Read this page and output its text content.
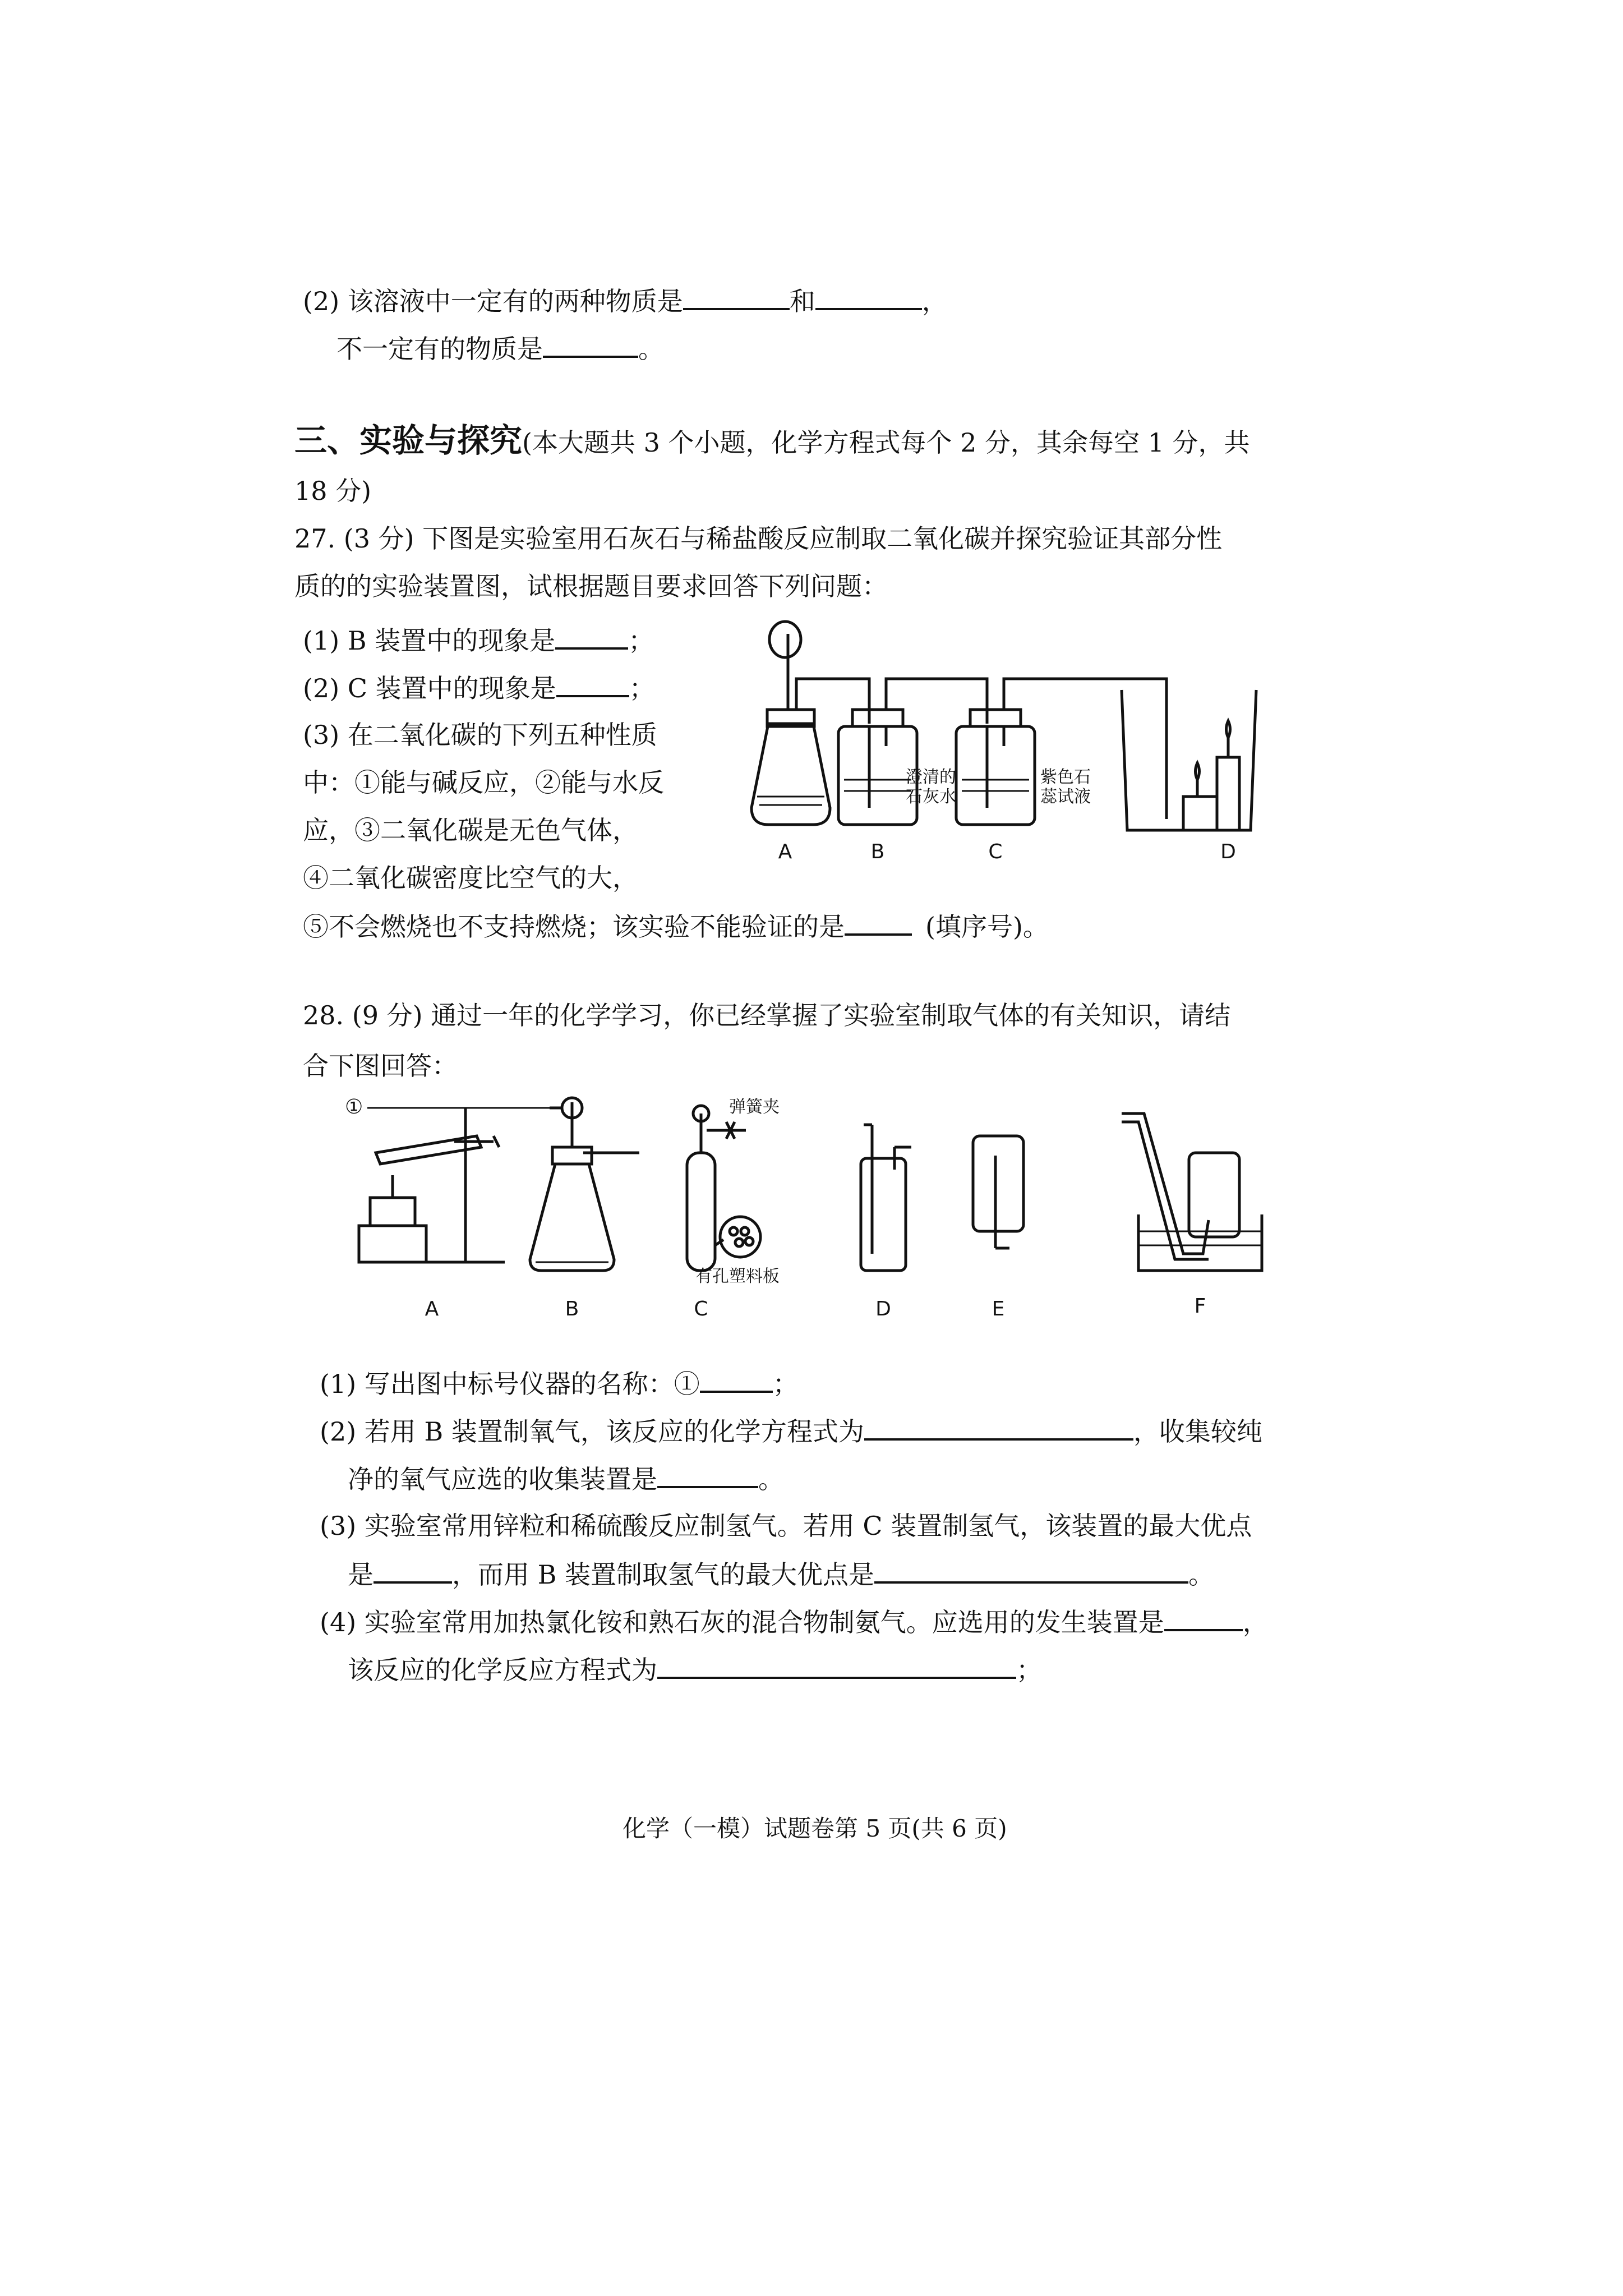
(2) 该溶液中一定有的两种物质是	和	，
不一定有的物质是	。
三、实验与探究(本大题共 3 个小题，化学方程式每个 2 分，其余每空 1 分，共
18 分)
27. (3 分) 下图是实验室用石灰石与稀盐酸反应制取二氧化碳并探究验证其部分性
质的的实验装置图，试根据题目要求回答下列问题：
(1) B 装置中的现象是	；
(2) C 装置中的现象是	；
(3) 在二氧化碳的下列五种性质
中：①能与碱反应，②能与水反
应，③二氧化碳是无色气体，
④二氧化碳密度比空气的大，
⑤不会燃烧也不支持燃烧；该实验不能验证的是	(填序号)。
澄清的
石灰水
紫色石
蕊试液
A	B	C	D
28. (9 分) 通过一年的化学学习，你已经掌握了实验室制取气体的有关知识，请结
合下图回答：
①	弹簧夹
有孔塑料板
A	B	C	D	E	F
(1) 写出图中标号仪器的名称：①	；
(2) 若用 B 装置制氧气，该反应的化学方程式为	，收集较纯
净的氧气应选的收集装置是	。
(3) 实验室常用锌粒和稀硫酸反应制氢气。若用 C 装置制氢气，该装置的最大优点
是	，而用 B 装置制取氢气的最大优点是	。
(4) 实验室常用加热氯化铵和熟石灰的混合物制氨气。应选用的发生装置是	，
该反应的化学反应方程式为	；
化学（一模）试题卷第 5 页(共 6 页)
